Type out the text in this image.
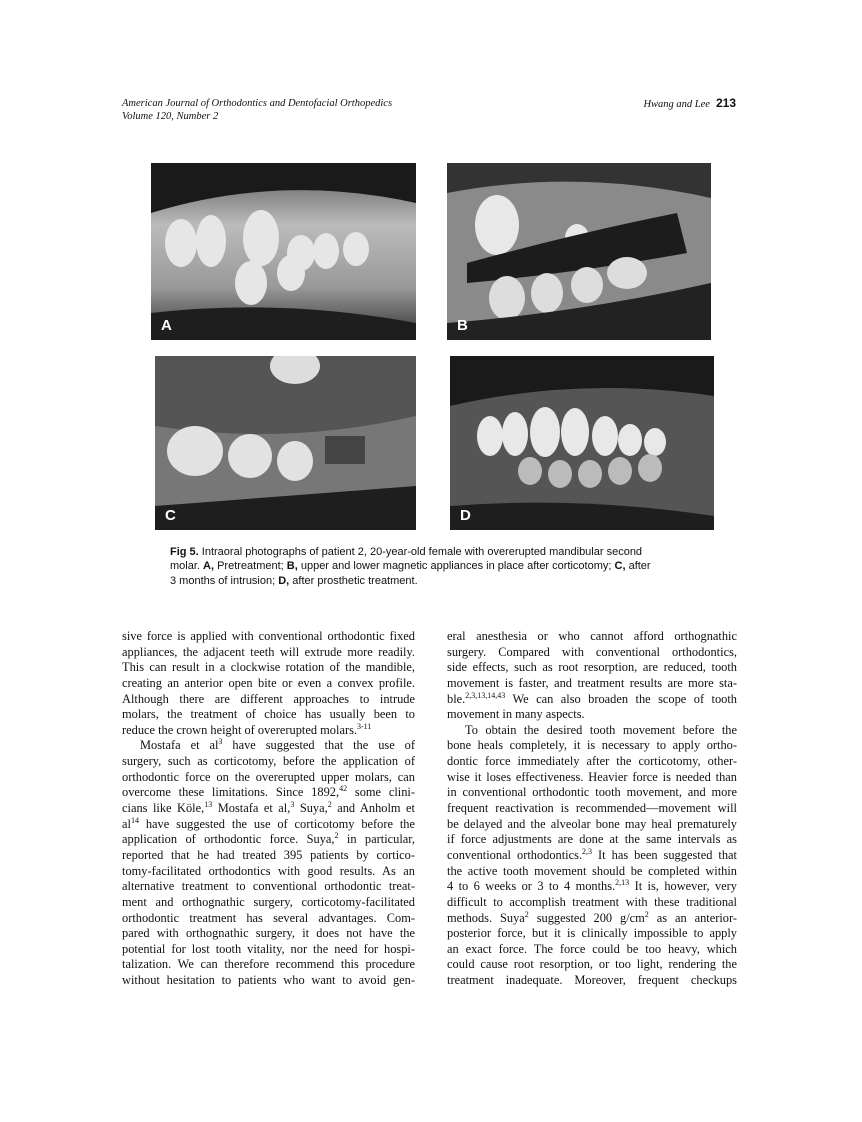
American Journal of Orthodontics and Dentofacial Orthopedics
Volume 120, Number 2
Hwang and Lee 213
A	B
C	D
Fig 5. Intraoral photographs of patient 2, 20-year-old female with overerupted mandibular second
molar. A, Pretreatment; B, upper and lower magnetic appliances in place after corticotomy; C, after
3 months of intrusion; D, after prosthetic treatment.
sive force is applied with conventional orthodontic fixed
appliances, the adjacent teeth will extrude more readily.
This can result in a clockwise rotation of the mandible,
creating an anterior open bite or even a convex profile.
Although there are different approaches to intrude
molars, the treatment of choice has usually been to
reduce the crown height of overerupted molars.$^{3-11}$
Mostafa et $al^3$ have suggested that the use of
surgery, such as corticotomy, before the application of
orthodontic force on the overerupted upper molars, can
overcome these limitations. Since 1892,42 some clini-
cians like Köle,$^{13}$ Mostafa et al,$^3$ Suya,$^2$ and Anholm et
$al^{14}$ have suggested the use of corticotomy before the
application of orthodontic force. Suya,$^2$ in particular,
reported that he had treated 395 patients by cortico-
tomy-facilitated orthodontics with good results. As an
alternative treatment to conventional orthodontic treat-
ment and orthognathic surgery, corticotomy-facilitated
orthodontic treatment has several advantages. Com-
pared with orthognathic surgery, it does not have the
potential for lost tooth vitality, nor the need for hospi-
talization. We can therefore recommend this procedure
without hesitation to patients who want to avoid gen-
eral anesthesia or who cannot afford orthognathic
surgery. Compared with conventional orthodontics,
side effects, such as root resorption, are reduced, tooth
movement is faster, and treatment results are more sta-
ble.$^{2,3,13,14,43}$ We can also broaden the scope of tooth
movement in many aspects.
To obtain the desired tooth movement before the
bone heals completely, it is necessary to apply ortho-
dontic force immediately after the corticotomy, other-
wise it loses effectiveness. Heavier force is needed than
in conventional orthodontic tooth movement, and more
frequent reactivation is recommended—movement will
be delayed and the alveolar bone may heal prematurely
if force adjustments are done at the same intervals as
conventional orthodontics.$^{2,3}$ It has been suggested that
the active tooth movement should be completed within
4 to 6 weeks or 3 to 4 months.$^{2,13}$ It is, however, very
difficult to accomplish treatment with these traditional
methods. Suya$^2$ suggested 200 $g/cm^2$ as an anterior-
posterior force, but it is clinically impossible to apply
an exact force. The force could be too heavy, which
could cause root resorption, or too light, rendering the
treatment inadequate. Moreover, frequent checkups
